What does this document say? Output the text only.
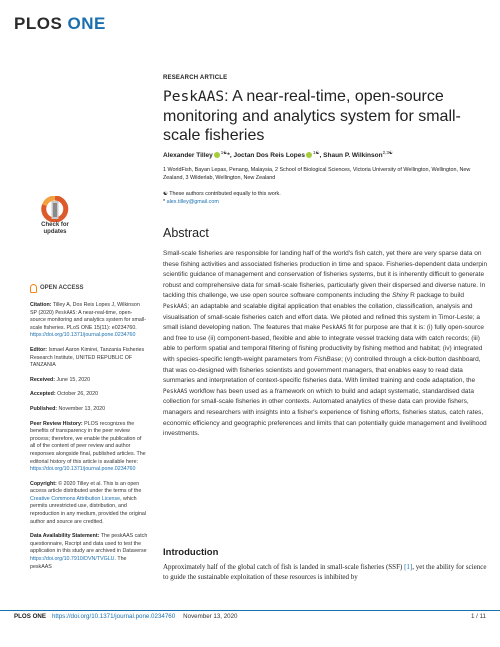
PLOS ONE
RESEARCH ARTICLE
PeskAAS: A near-real-time, open-source monitoring and analytics system for small-scale fisheries
Alexander Tilley $^{1☯}$*, Joctan Dos Reis Lopes $^{1☯}$, Shaun P. Wilkinson$^{2,3☯}$
1 WorldFish, Bayan Lepas, Penang, Malaysia, 2 School of Biological Sciences, Victoria University of Wellington, Wellington, New Zealand, 3 Wilderlab, Wellington, New Zealand
☯ These authors contributed equally to this work.
* alex.tilley@gmail.com
Check for updates	Abstract
Small-scale fisheries are responsible for landing half of the world's fish catch, yet there are very sparse data on these fishing activities and associated fisheries production in time and space. Fisheries-dependent data underpin scientific guidance of management and conservation of fisheries systems, but it is inherently difficult to generate robust and comprehensive data for small-scale fisheries, particularly given their dispersed and diverse nature. In tackling this challenge, we use open source software components including the Shiny R package to build PeskAAS; an adaptable and scalable digital application that enables the collation, classification, analysis and visualisation of small-scale fisheries catch and effort data. We piloted and refined this system in Timor-Leste; a small island developing nation. The features that make PeskAAS fit for purpose are that it is: (i) fully open-source and free to use (ii) component-based, flexible and able to integrate vessel tracking data with catch records; (iii) able to perform spatial and temporal filtering of fishing productivity by fishing method and habitat; (iv) integrated with species-specific length-weight parameters from FishBase; (v) controlled through a click-button dashboard, that was co-designed with fisheries scientists and government managers, that enables easy to read data summaries and interpretation of context-specific fisheries data. With limited training and code adaptation, the PeskAAS workflow has been used as a framework on which to build and adapt systematic, standardised data collection for small-scale fisheries in other contexts. Automated analytics of these data can provide fishers, managers and researchers with insights into a fisher's experience of fishing efforts, fisheries status, catch rates, economic efficiency and geographic preferences and limits that can potentially guide management and livelihood investments.
OPEN ACCESS

Citation: Tilley A, Dos Reis Lopes J, Wilkinson SP (2020) PeskAAS: A near-real-time, open-source monitoring and analytics system for small-scale fisheries. PLoS ONE 15(11): e0234760. https://doi.org/10.1371/journal.pone.0234760

Editor: Ismael Aaron Kimirei, Tanzania Fisheries Research Institute, UNITED REPUBLIC OF TANZANIA

Received: June 15, 2020

Accepted: October 26, 2020

Published: November 13, 2020

Peer Review History: PLOS recognizes the benefits of transparency in the peer review process; therefore, we enable the publication of all of the content of peer review and author responses alongside final, published articles. The editorial history of this article is available here: https://doi.org/10.1371/journal.pone.0234760

Copyright: © 2020 Tilley et al. This is an open access article distributed under the terms of the Creative Commons Attribution License, which permits unrestricted use, distribution, and reproduction in any medium, provided the original author and source are credited.

Data Availability Statement: The peskAAS catch questionnaire, Rscript and data used to test the application in this study are archived in Dataverse https://doi.org/10.7910/DVN/TVGLU. The peskAAS

Introduction
Approximately half of the global catch of fish is landed in small-scale fisheries (SSF) [1], yet the ability for science to guide the sustainable exploitation of these resources is inhibited by
PLOS ONE https://doi.org/10.1371/journal.pone.0234760 November 13, 2020	1 / 11
